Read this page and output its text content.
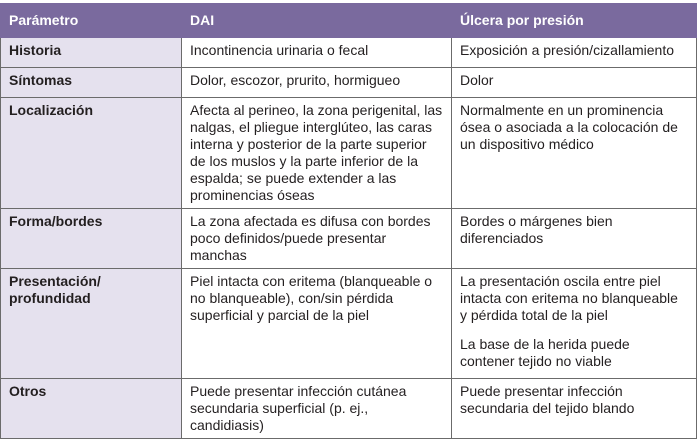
Parámetro	DAI	Úlcera por presión
Historia	Incontinencia urinaria o fecal	Exposición a presión/cizallamiento

Síntomas	Dolor, escozor, prurito, hormigueo	Dolor

Localización	Afecta al perineo, la zona perigenital, las nalgas, el pliegue interglúteo, las caras interna y posterior de la parte superior de los muslos y la parte inferior de la espalda; se puede extender a las prominencias óseas	Normalmente en un prominencia ósea o asociada a la colocación de un dispositivo médico

Forma/bordes	La zona afectada es difusa con bordes poco definidos/puede presentar manchas	Bordes o márgenes bien diferenciados

Presentación/ profundidad	Piel intacta con eritema (blanqueable o no blanqueable), con/sin pérdida superficial y parcial de la piel	La presentación oscila entre piel intacta con eritema no blanqueable y pérdida total de la piel
La base de la herida puede contener tejido no viable

Otros	Puede presentar infección cutánea secundaria superficial (p. ej., candidiasis)	Puede presentar infección secundaria del tejido blando
